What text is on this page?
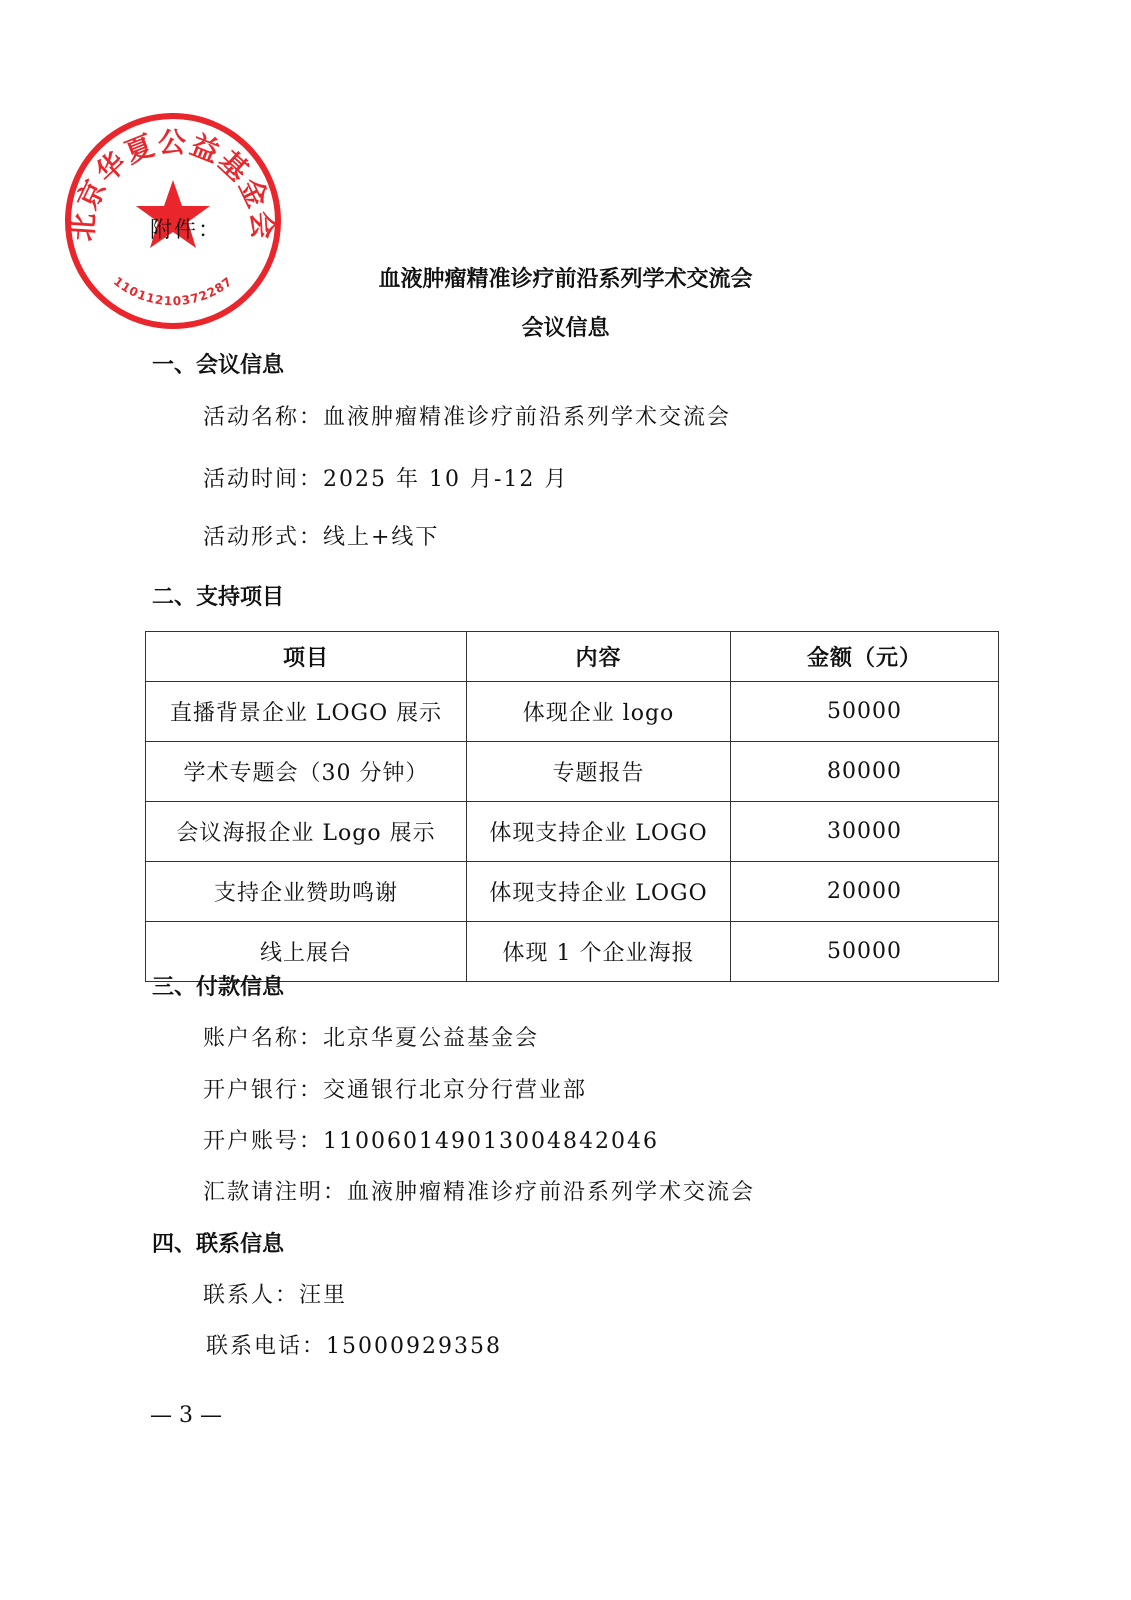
北京华夏公益基金会
11011210372287
附件：
血液肿瘤精准诊疗前沿系列学术交流会
会议信息
一、会议信息
活动名称：血液肿瘤精准诊疗前沿系列学术交流会
活动时间：2025 年 10 月-12 月
活动形式：线上+线下
二、支持项目
项目	内容	金额（元）
直播背景企业 LOGO 展示	体现企业 logo	50000
学术专题会（30 分钟）	专题报告	80000
会议海报企业 Logo 展示	体现支持企业 LOGO	30000
支持企业赞助鸣谢	体现支持企业 LOGO	20000
线上展台	体现 1 个企业海报	50000
三、付款信息
账户名称：北京华夏公益基金会
开户银行：交通银行北京分行营业部
开户账号：110060149013004842046
汇款请注明：血液肿瘤精准诊疗前沿系列学术交流会
四、联系信息
联系人：汪里
联系电话：15000929358
— 3 —
